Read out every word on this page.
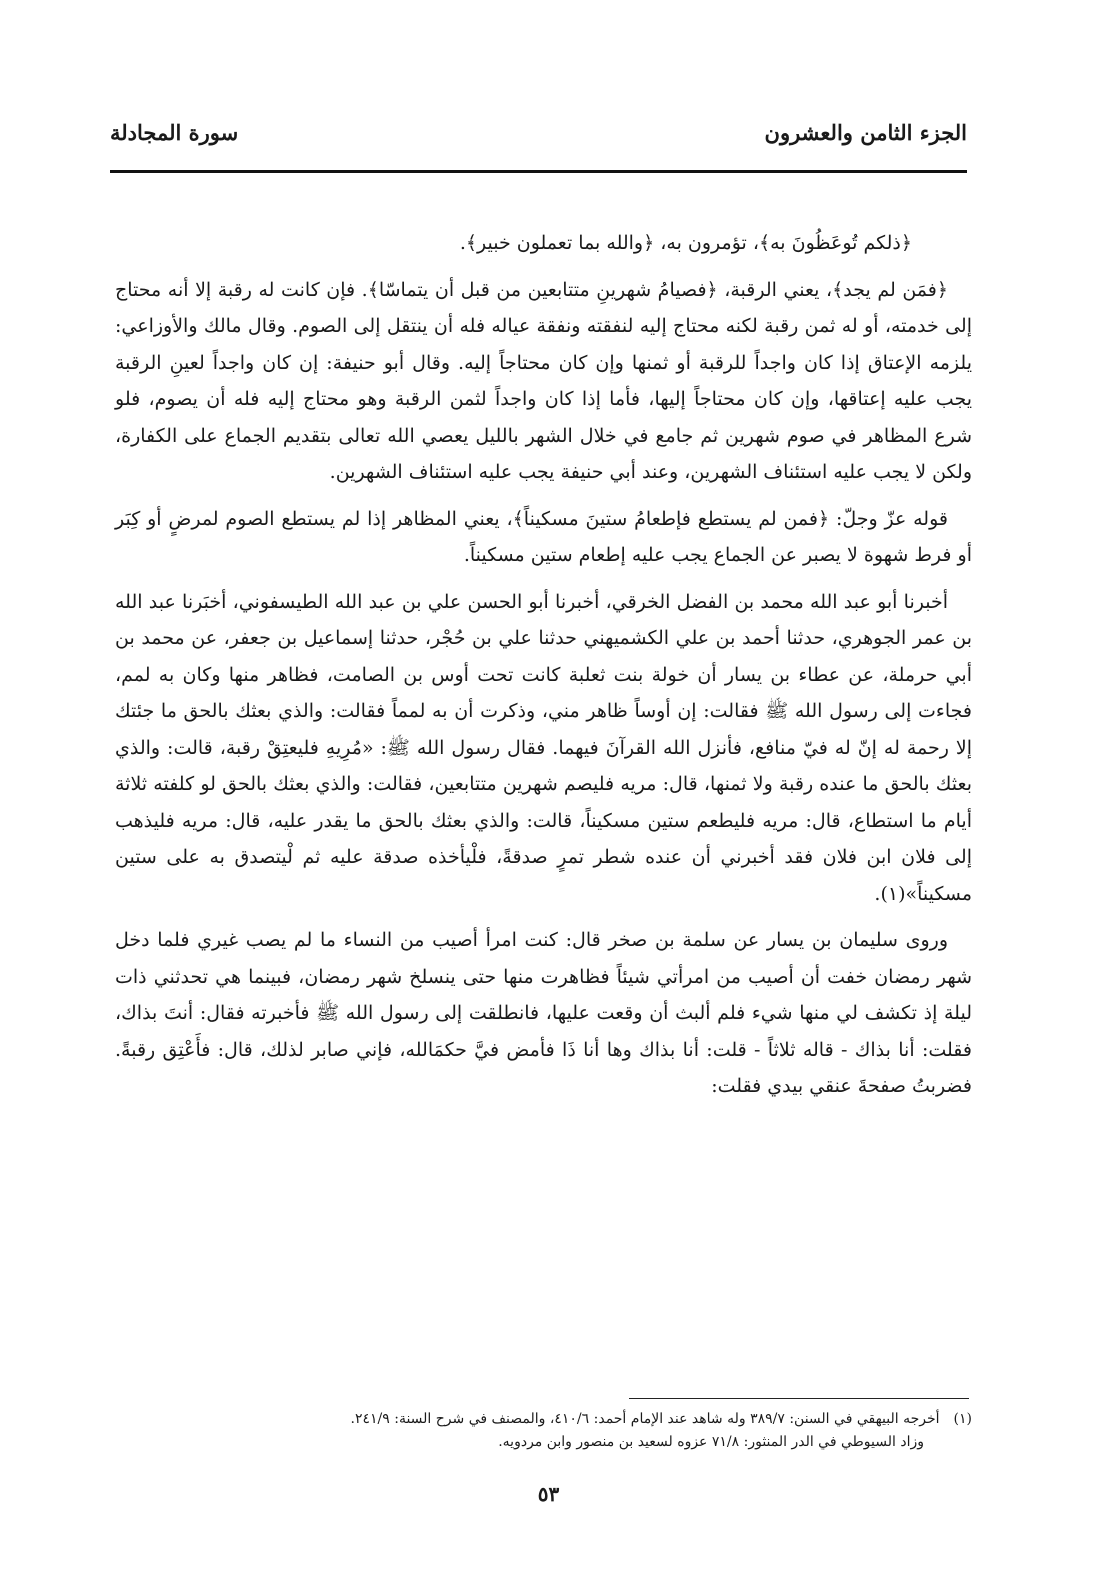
الجزء الثامن والعشرون
سورة المجادلة

﴿ذلكم تُوعَظُونَ به﴾، تؤمرون به، ﴿والله بما تعملون خبير﴾.

﴿فمَن لم يجد﴾، يعني الرقبة، ﴿فصيامُ شهرينِ متتابعين من قبل أن يتماسّا﴾. فإن كانت له رقبة إلا أنه محتاج إلى خدمته، أو له ثمن رقبة لكنه محتاج إليه لنفقته ونفقة عياله فله أن ينتقل إلى الصوم. وقال مالك والأوزاعي: يلزمه الإعتاق إذا كان واجداً للرقبة أو ثمنها وإن كان محتاجاً إليه. وقال أبو حنيفة: إن كان واجداً لعينِ الرقبة يجب عليه إعتاقها، وإن كان محتاجاً إليها، فأما إذا كان واجداً لثمن الرقبة وهو محتاج إليه فله أن يصوم، فلو شرع المظاهر في صوم شهرين ثم جامع في خلال الشهر بالليل يعصي الله تعالى بتقديم الجماع على الكفارة، ولكن لا يجب عليه استئناف الشهرين، وعند أبي حنيفة يجب عليه استئناف الشهرين.

قوله عزّ وجلّ: ﴿فمن لم يستطع فإطعامُ ستينَ مسكيناً﴾، يعني المظاهر إذا لم يستطع الصوم لمرضٍ أو كِبَر أو فرط شهوة لا يصبر عن الجماع يجب عليه إطعام ستين مسكيناً.

أخبرنا أبو عبد الله محمد بن الفضل الخرقي، أخبرنا أبو الحسن علي بن عبد الله الطيسفوني، أخبَرنا عبد الله بن عمر الجوهري، حدثنا أحمد بن علي الكشميهني حدثنا علي بن حُجْر، حدثنا إسماعيل بن جعفر، عن محمد بن أبي حرملة، عن عطاء بن يسار أن خولة بنت ثعلبة كانت تحت أوس بن الصامت، فظاهر منها وكان به لمم، فجاءت إلى رسول الله ﷺ فقالت: إن أوساً ظاهر مني، وذكرت أن به لمماً فقالت: والذي بعثك بالحق ما جئتك إلا رحمة له إنّ له فيّ منافع، فأنزل الله القرآنَ فيهما. فقال رسول الله ﷺ: «مُرِيهِ فليعتِقْ رقبة، قالت: والذي بعثك بالحق ما عنده رقبة ولا ثمنها، قال: مريه فليصم شهرين متتابعين، فقالت: والذي بعثك بالحق لو كلفته ثلاثة أيام ما استطاع، قال: مريه فليطعم ستين مسكيناً، قالت: والذي بعثك بالحق ما يقدر عليه، قال: مريه فليذهب إلى فلان ابن فلان فقد أخبرني أن عنده شطر تمرٍ صدقةً، فلْيأخذه صدقة عليه ثم لْيتصدق به على ستين مسكيناً»(١).

وروى سليمان بن يسار عن سلمة بن صخر قال: كنت امرأ أصيب من النساء ما لم يصب غيري فلما دخل شهر رمضان خفت أن أصيب من امرأتي شيئاً فظاهرت منها حتى ينسلخ شهر رمضان، فبينما هي تحدثني ذات ليلة إذ تكشف لي منها شيء فلم ألبث أن وقعت عليها، فانطلقت إلى رسول الله ﷺ فأخبرته فقال: أنتَ بذاك، فقلت: أنا بذاك - قاله ثلاثاً - قلت: أنا بذاك وها أنا ذَا فأمض فيَّ حكمَالله، فإني صابر لذلك، قال: فأَعْتِق رقبةً. فضربتُ صفحةَ عنقي بيدي فقلت:

(١)
أخرجه البيهقي في السنن: ٣٨٩/٧ وله شاهد عند الإمام أحمد: ٤١٠/٦، والمصنف في شرح السنة: ٢٤١/٩.
وزاد السيوطي في الدر المنثور: ٧١/٨ عزوه لسعيد بن منصور وابن مردويه.
٥٣
